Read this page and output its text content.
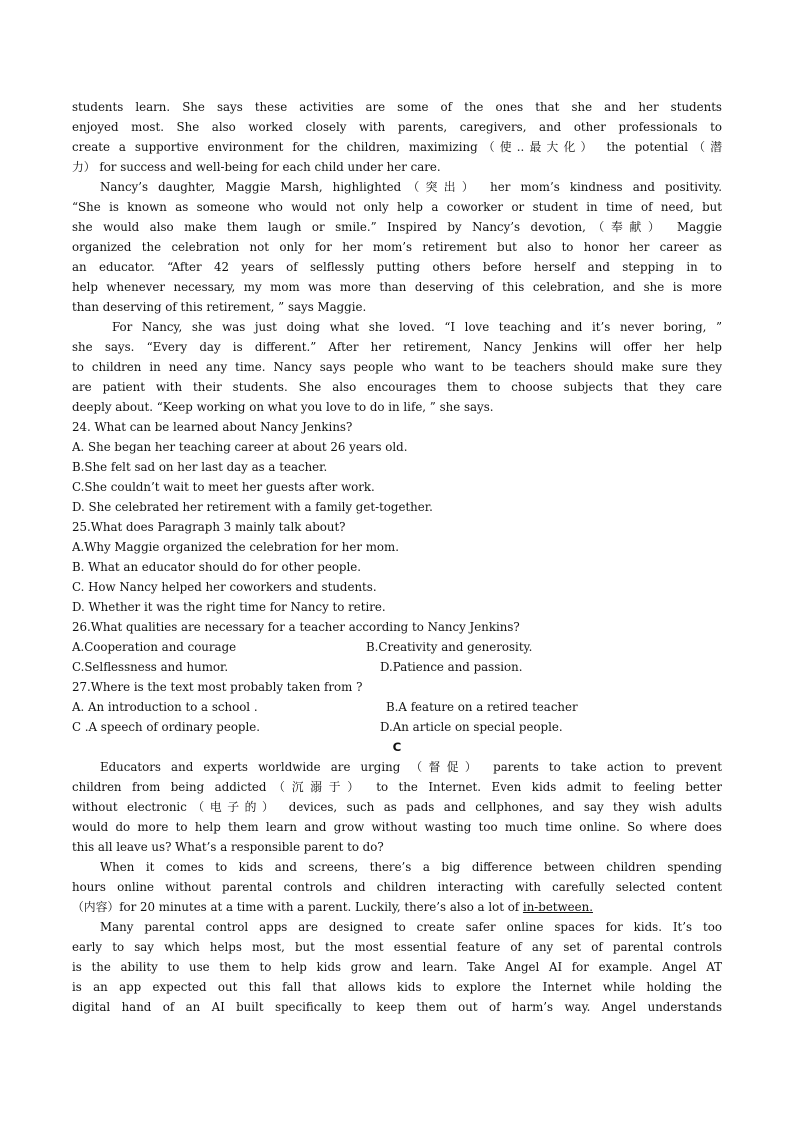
students learn. She says these activities are some of the ones that she and her students
enjoyed most. She also worked closely with parents, caregivers, and other professionals to
create a supportive environment for the children, maximizing（使..最大化） the potential（潜
力） for success and well-being for each child under her care.
Nancy’s daughter, Maggie Marsh, highlighted（突出） her mom’s kindness and positivity.
“She is known as someone who would not only help a coworker or student in time of need, but
she would also make them laugh or smile.” Inspired by Nancy’s devotion,（奉献） Maggie
organized the celebration not only for her mom’s retirement but also to honor her career as
an educator. “After 42 years of selflessly putting others before herself and stepping in to
help whenever necessary, my mom was more than deserving of this celebration, and she is more
than deserving of this retirement, ” says Maggie.
For Nancy, she was just doing what she loved. “I love teaching and it’s never boring, ”
she says. “Every day is different.” After her retirement, Nancy Jenkins will offer her help
to children in need any time. Nancy says people who want to be teachers should make sure they
are patient with their students. She also encourages them to choose subjects that they care
deeply about. “Keep working on what you love to do in life, ” she says.
24. What can be learned about Nancy Jenkins?
A. She began her teaching career at about 26 years old.
B.She felt sad on her last day as a teacher.
C.She couldn’t wait to meet her guests after work.
D. She celebrated her retirement with a family get-together.
25.What does Paragraph 3 mainly talk about?
A.Why Maggie organized the celebration for her mom.
B. What an educator should do for other people.
C. How Nancy helped her coworkers and students.
D. Whether it was the right time for Nancy to retire.
26.What qualities are necessary for a teacher according to Nancy Jenkins?
A.Cooperation and courage	B.Creativity and generosity.
C.Selflessness and humor.	D.Patience and passion.
27.Where is the text most probably taken from ?
A. An introduction to a school .	B.A feature on a retired teacher
C .A speech of ordinary people.	D.An article on special people.
C
Educators and experts worldwide are urging （督促） parents to take action to prevent
children from being addicted（沉溺于） to the Internet. Even kids admit to feeling better
without electronic（电子的） devices, such as pads and cellphones, and say they wish adults
would do more to help them learn and grow without wasting too much time online. So where does
this all leave us? What’s a responsible parent to do?
When it comes to kids and screens, there’s a big difference between children spending
hours online without parental controls and children interacting with carefully selected content
（内容）for 20 minutes at a time with a parent. Luckily, there’s also a lot of in-between.
Many parental control apps are designed to create safer online spaces for kids. It’s too
early to say which helps most, but the most essential feature of any set of parental controls
is the ability to use them to help kids grow and learn. Take Angel AI for example. Angel AT
is an app expected out this fall that allows kids to explore the Internet while holding the
digital hand of an AI built specifically to keep them out of harm’s way. Angel understands
